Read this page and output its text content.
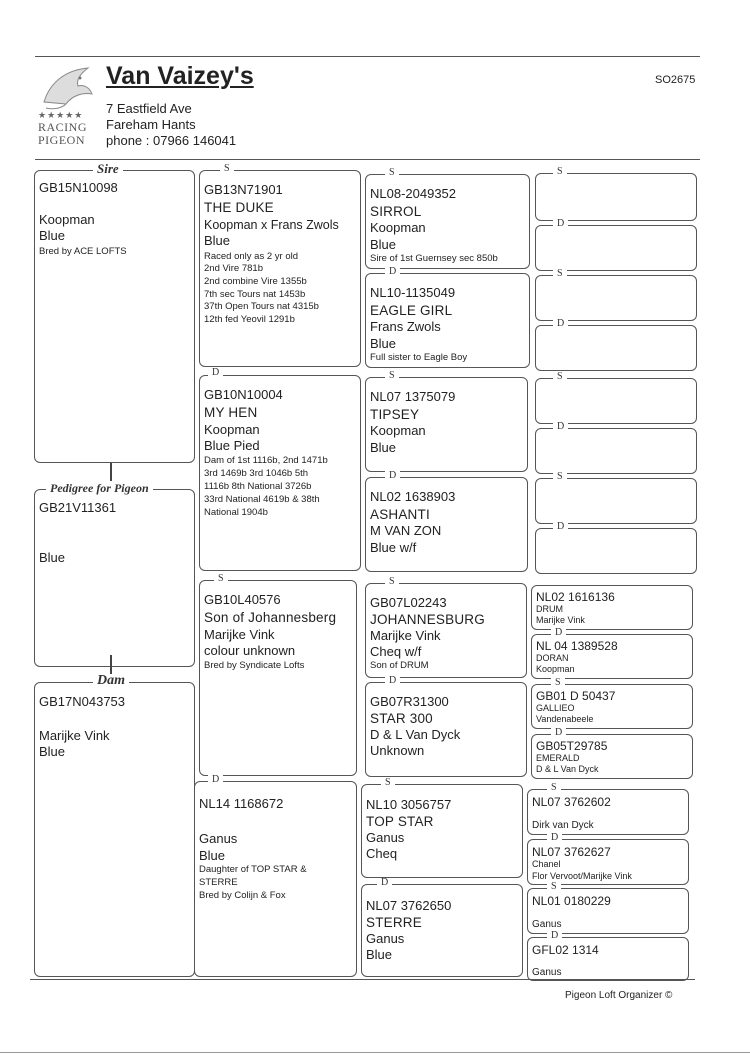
★★★★★
RACING
PIGEON
Van Vaizey's
7 Eastfield Ave
Fareham Hants
phone : 07966 146041
SO2675
GB15N10098
Koopman
Blue
Bred by ACE LOFTS
Sire
GB21V11361
Blue
Pedigree for Pigeon
GB17N043753
Marijke Vink
Blue
Dam
GB13N71901
THE DUKE
Koopman x Frans Zwols
Blue
Raced only as 2 yr old
2nd Vire 781b
2nd combine Vire 1355b
7th sec Tours nat 1453b
37th Open Tours nat 4315b
12th fed Yeovil 1291b
S
GB10N10004
MY HEN
Koopman
Blue Pied
Dam of 1st 1116b, 2nd 1471b
3rd 1469b 3rd 1046b 5th
1116b 8th National 3726b
33rd National 4619b & 38th
National 1904b
D
GB10L40576
Son of Johannesberg
Marijke Vink
colour unknown
Bred by Syndicate Lofts
S
NL14 1168672
Ganus
Blue
Daughter of TOP STAR &
STERRE
Bred by Colijn & Fox
D
NL08-2049352
SIRROL
Koopman
Blue
Sire of 1st Guernsey sec 850b
S
NL10-1135049
EAGLE GIRL
Frans Zwols
Blue
Full sister to Eagle Boy
D
NL07 1375079
TIPSEY
Koopman
Blue
S
NL02 1638903
ASHANTI
M VAN ZON
Blue w/f
D
GB07L02243
JOHANNESBURG
Marijke Vink
Cheq w/f
Son of DRUM
S
GB07R31300
STAR 300
D & L Van Dyck
Unknown
D
NL10 3056757
TOP STAR
Ganus
Cheq
S
NL07 3762650
STERRE
Ganus
Blue
D
S
D
S
D
S
D
S
D
NL02 1616136
DRUM
Marijke Vink
NL 04 1389528
DORAN
Koopman
D
GB01 D 50437
GALLIEO
Vandenabeele
S
GB05T29785
EMERALD
D & L Van Dyck
D
NL07 3762602
Dirk van Dyck
S
NL07 3762627
Chanel
Flor Vervoot/Marijke Vink
D
NL01 0180229
Ganus
S
GFL02 1314
Ganus
D
Pigeon Loft Organizer ©
